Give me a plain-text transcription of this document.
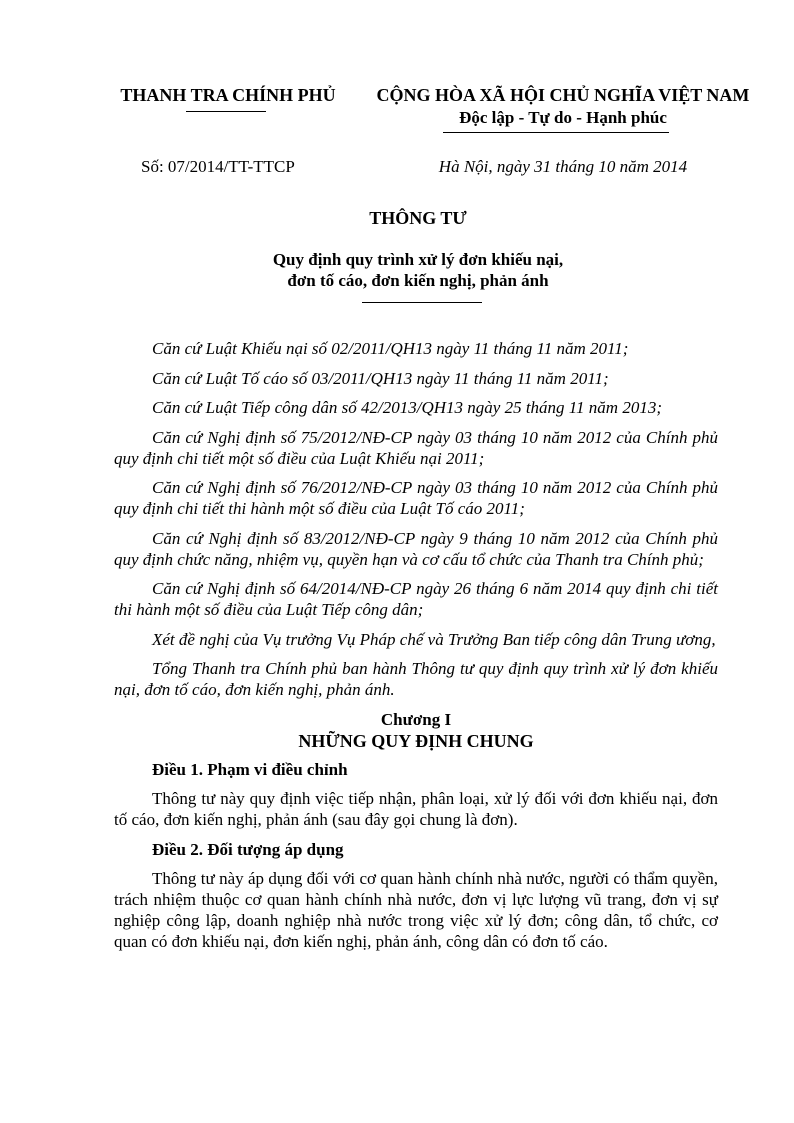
THANH TRA CHÍNH PHỦ	CỘNG HÒA XÃ HỘI CHỦ NGHĨA VIỆT NAM
Độc lập - Tự do - Hạnh phúc
Số: 07/2014/TT-TTCP	Hà Nội, ngày 31 tháng 10 năm 2014
THÔNG TƯ
Quy định quy trình xử lý đơn khiếu nại,
đơn tố cáo, đơn kiến nghị, phản ánh

Căn cứ Luật Khiếu nại số 02/2011/QH13 ngày 11 tháng 11 năm 2011;

Căn cứ Luật Tố cáo số 03/2011/QH13 ngày 11 tháng 11 năm 2011;

Căn cứ Luật Tiếp công dân số 42/2013/QH13 ngày 25 tháng 11 năm 2013;

Căn cứ Nghị định số 75/2012/NĐ-CP ngày 03 tháng 10 năm 2012 của Chính phủ quy định chi tiết một số điều của Luật Khiếu nại 2011;

Căn cứ Nghị định số 76/2012/NĐ-CP ngày 03 tháng 10 năm 2012 của Chính phủ quy định chi tiết thi hành một số điều của Luật Tố cáo 2011;

Căn cứ Nghị định số 83/2012/NĐ-CP ngày 9 tháng 10 năm 2012 của Chính phủ quy định chức năng, nhiệm vụ, quyền hạn và cơ cấu tổ chức của Thanh tra Chính phủ;

Căn cứ Nghị định số 64/2014/NĐ-CP ngày 26 tháng 6 năm 2014 quy định chi tiết thi hành một số điều của Luật Tiếp công dân;

Xét đề nghị của Vụ trưởng Vụ Pháp chế và Trưởng Ban tiếp công dân Trung ương,

Tổng Thanh tra Chính phủ ban hành Thông tư quy định quy trình xử lý đơn khiếu nại, đơn tố cáo, đơn kiến nghị, phản ánh.

Chương I
NHỮNG QUY ĐỊNH CHUNG

Điều 1. Phạm vi điều chỉnh

Thông tư này quy định việc tiếp nhận, phân loại, xử lý đối với đơn khiếu nại, đơn tố cáo, đơn kiến nghị, phản ánh (sau đây gọi chung là đơn).

Điều 2. Đối tượng áp dụng

Thông tư này áp dụng đối với cơ quan hành chính nhà nước, người có thẩm quyền, trách nhiệm thuộc cơ quan hành chính nhà nước, đơn vị lực lượng vũ trang, đơn vị sự nghiệp công lập, doanh nghiệp nhà nước trong việc xử lý đơn; công dân, tổ chức, cơ quan có đơn khiếu nại, đơn kiến nghị, phản ánh, công dân có đơn tố cáo.
